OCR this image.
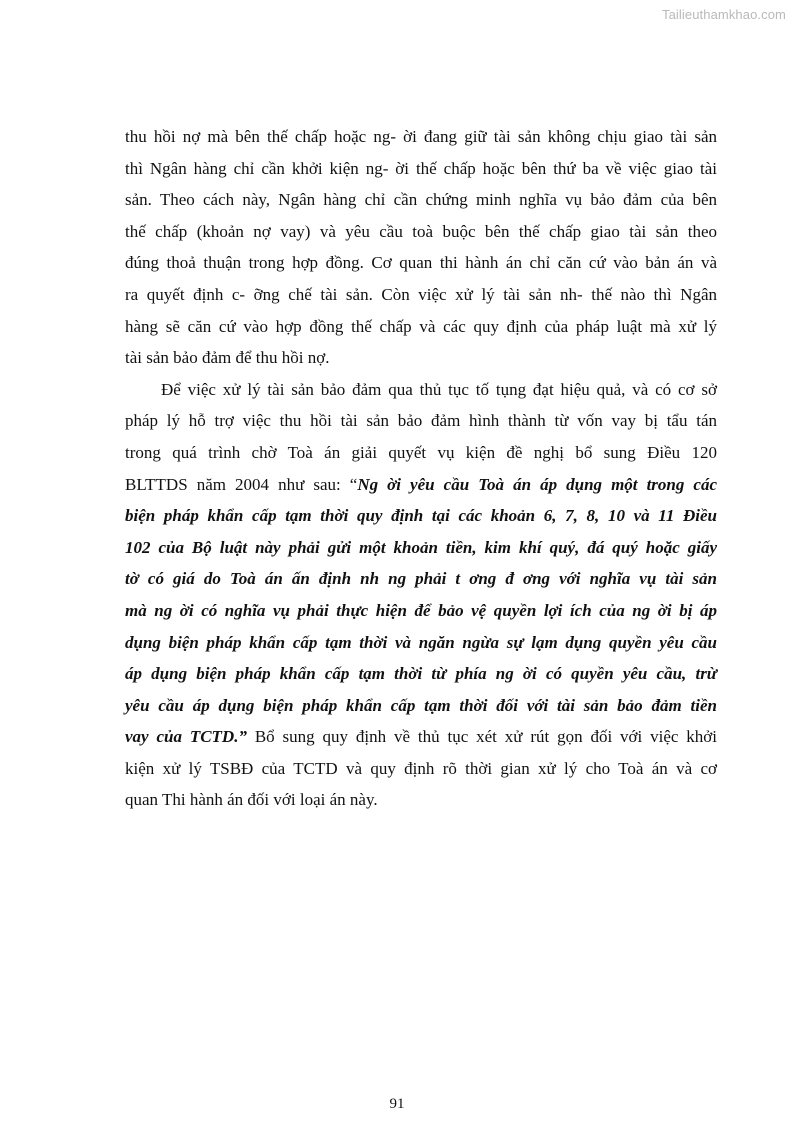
Tailieuthamkhao.com
thu hồi nợ mà bên thế chấp hoặc ng- ời đang giữ tài sản không chịu giao tài sản
thì Ngân hàng chỉ cần khởi kiện ng- ời thế chấp hoặc bên thứ ba về việc giao tài
sản. Theo cách này, Ngân hàng chỉ cần chứng minh nghĩa vụ bảo đảm của bên
thế chấp (khoản nợ vay) và yêu cầu toà buộc bên thế chấp giao tài sản theo
đúng thoả thuận trong hợp đồng. Cơ quan thi hành án chỉ căn cứ vào bản án và
ra quyết định c- ỡng chế tài sản. Còn việc xử lý tài sản nh- thế nào thì Ngân
hàng sẽ căn cứ vào hợp đồng thế chấp và các quy định của pháp luật mà xử lý
tài sản bảo đảm để thu hồi nợ.
Để việc xử lý tài sản bảo đảm qua thủ tục tố tụng đạt hiệu quả, và có cơ sở
pháp lý hỗ trợ việc thu hồi tài sản bảo đảm hình thành từ vốn vay bị tẩu tán
trong quá trình chờ Toà án giải quyết vụ kiện đề nghị bổ sung Điều 120
BLTTDS năm 2004 như sau: “Ng ời yêu cầu Toà án áp dụng một trong các
biện pháp khẩn cấp tạm thời quy định tại các khoản 6, 7, 8, 10 và 11 Điều
102 của Bộ luật này phải gửi một khoản tiền, kim khí quý, đá quý hoặc giấy
tờ có giá do Toà án ấn định nh ng phải t ơng đ ơng với nghĩa vụ tài sản
mà ng ời có nghĩa vụ phải thực hiện để bảo vệ quyền lợi ích của ng ời bị áp
dụng biện pháp khẩn cấp tạm thời và ngăn ngừa sự lạm dụng quyền yêu cầu
áp dụng biện pháp khẩn cấp tạm thời từ phía ng ời có quyền yêu cầu, trừ
yêu cầu áp dụng biện pháp khẩn cấp tạm thời đối với tài sản bảo đảm tiền
vay của TCTD.” Bổ sung quy định về thủ tục xét xử rút gọn đối với việc khởi
kiện xử lý TSBĐ của TCTD và quy định rõ thời gian xử lý cho Toà án và cơ
quan Thi hành án đối với loại án này.
91
